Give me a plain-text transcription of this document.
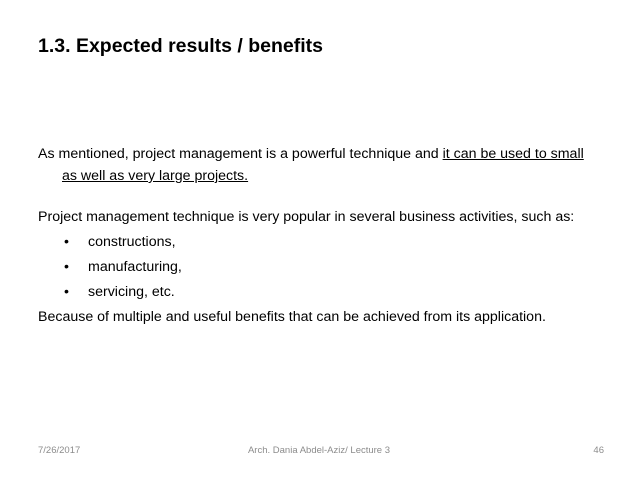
1.3. Expected results / benefits

As mentioned, project management is a powerful technique and it can be used to small as well as very large projects.

Project management technique is very popular in several business activities, such as:

• constructions,
• manufacturing,
• servicing, etc.

Because of multiple and useful benefits that can be achieved from its application.

7/26/2017	Arch. Dania Abdel-Aziz/ Lecture 3	46
